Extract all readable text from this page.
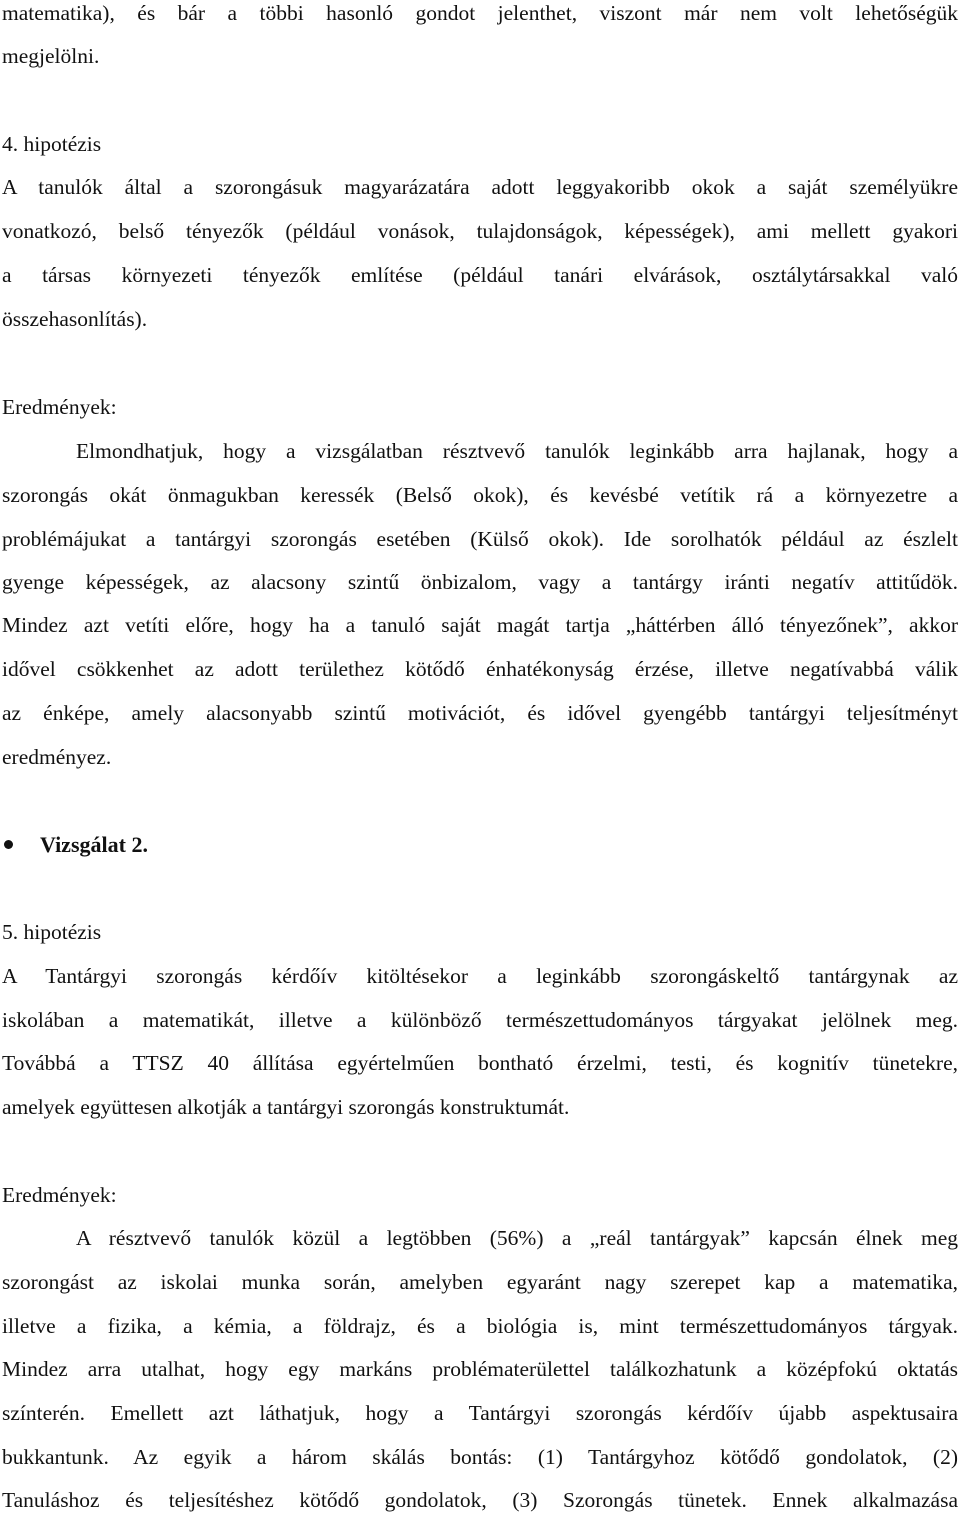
matematika), és bár a többi hasonló gondot jelenthet, viszont már nem volt lehetőségük
megjelölni.
4. hipotézis
A tanulók által a szorongásuk magyarázatára adott leggyakoribb okok a saját személyükre
vonatkozó, belső tényezők (például vonások, tulajdonságok, képességek), ami mellett gyakori
a társas környezeti tényezők említése (például tanári elvárások, osztálytársakkal való
összehasonlítás).
Eredmények:
Elmondhatjuk, hogy a vizsgálatban résztvevő tanulók leginkább arra hajlanak, hogy a
szorongás okát önmagukban keressék (Belső okok), és kevésbé vetítik rá a környezetre a
problémájukat a tantárgyi szorongás esetében (Külső okok). Ide sorolhatók például az észlelt
gyenge képességek, az alacsony szintű önbizalom, vagy a tantárgy iránti negatív attitűdök.
Mindez azt vetíti előre, hogy ha a tanuló saját magát tartja „háttérben álló tényezőnek”, akkor
idővel csökkenhet az adott területhez kötődő énhatékonyság érzése, illetve negatívabbá válik
az énképe, amely alacsonyabb szintű motivációt, és idővel gyengébb tantárgyi teljesítményt
eredményez.
Vizsgálat 2.
5. hipotézis
A Tantárgyi szorongás kérdőív kitöltésekor a leginkább szorongáskeltő tantárgynak az
iskolában a matematikát, illetve a különböző természettudományos tárgyakat jelölnek meg.
Továbbá a TTSZ 40 állítása egyértelműen bontható érzelmi, testi, és kognitív tünetekre,
amelyek együttesen alkotják a tantárgyi szorongás konstruktumát.
Eredmények:
A résztvevő tanulók közül a legtöbben (56%) a „reál tantárgyak” kapcsán élnek meg
szorongást az iskolai munka során, amelyben egyaránt nagy szerepet kap a matematika,
illetve a fizika, a kémia, a földrajz, és a biológia is, mint természettudományos tárgyak.
Mindez arra utalhat, hogy egy markáns problématerülettel találkozhatunk a középfokú oktatás
színterén. Emellett azt láthatjuk, hogy a Tantárgyi szorongás kérdőív újabb aspektusaira
bukkantunk. Az egyik a három skálás bontás: (1) Tantárgyhoz kötődő gondolatok, (2)
Tanuláshoz és teljesítéshez kötődő gondolatok, (3) Szorongás tünetek. Ennek alkalmazása
